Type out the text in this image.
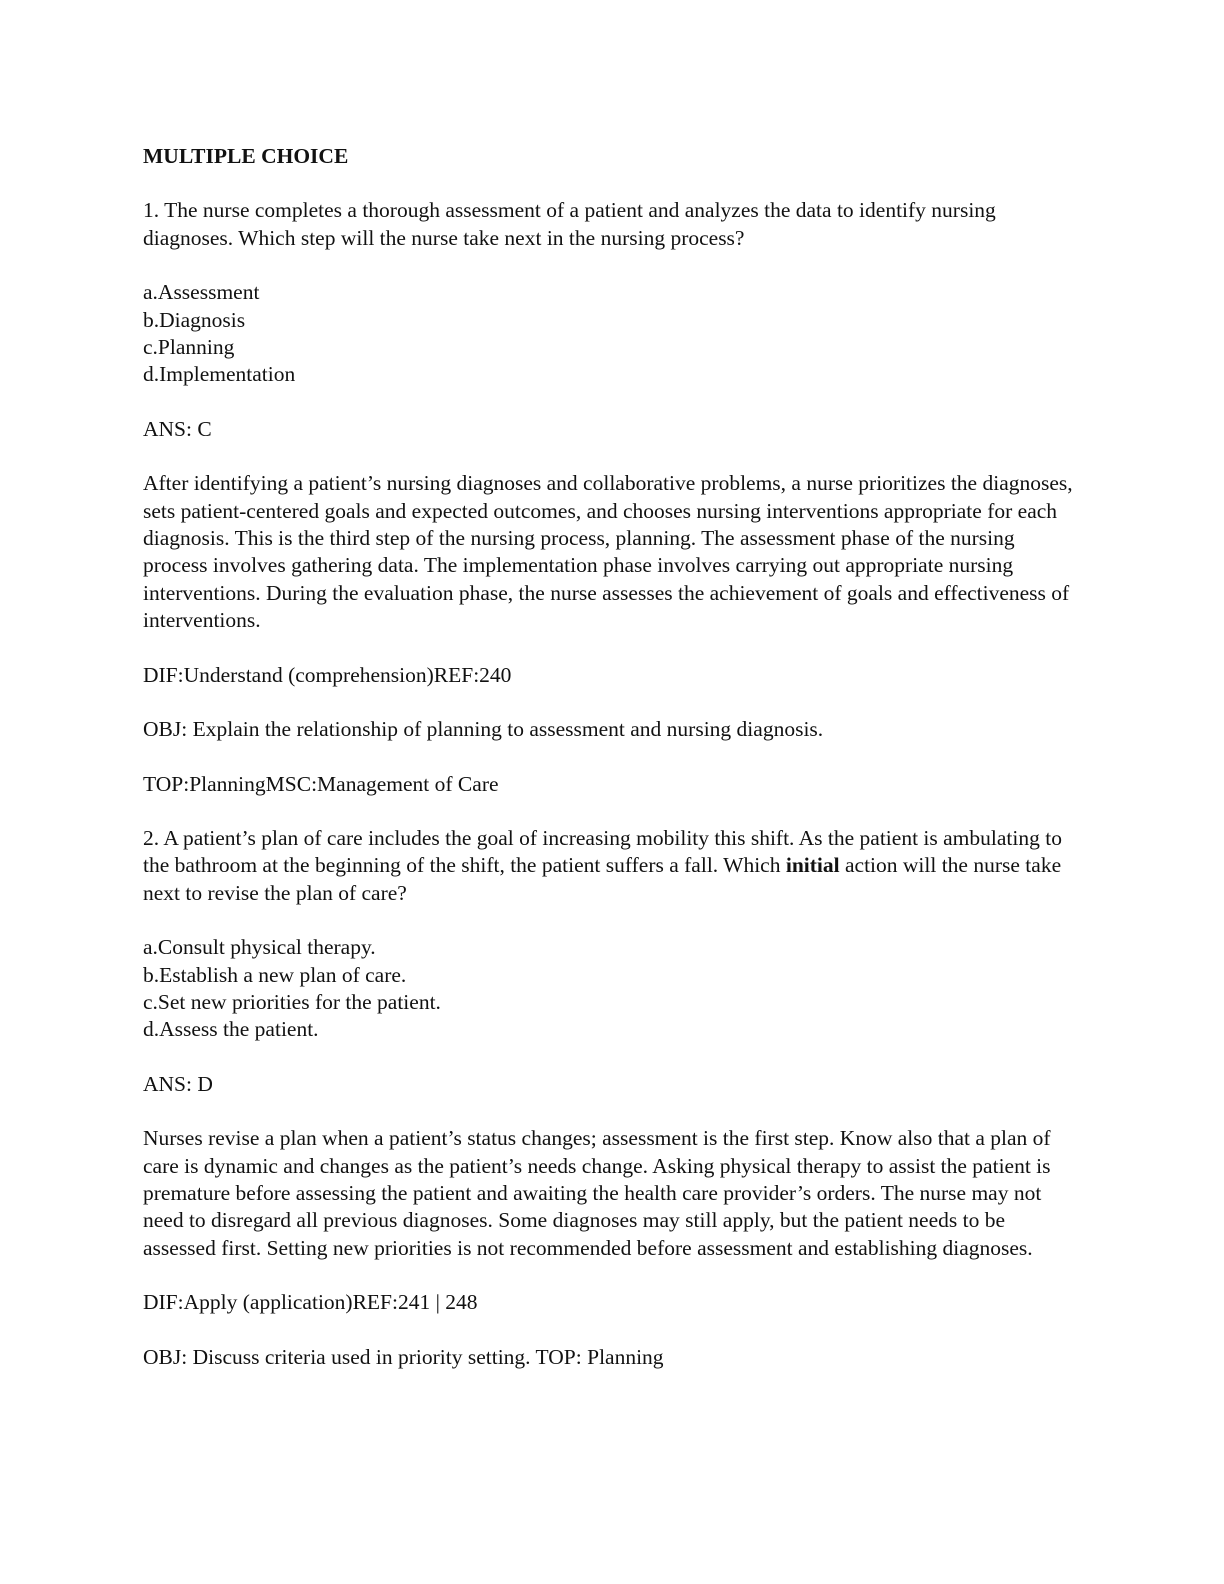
MULTIPLE CHOICE

1. The nurse completes a thorough assessment of a patient and analyzes the data to identify nursing diagnoses. Which step will the nurse take next in the nursing process?

a.Assessment
b.Diagnosis
c.Planning
d.Implementation

ANS: C

After identifying a patient’s nursing diagnoses and collaborative problems, a nurse prioritizes the diagnoses, sets patient-centered goals and expected outcomes, and chooses nursing interventions appropriate for each diagnosis. This is the third step of the nursing process, planning. The assessment phase of the nursing process involves gathering data. The implementation phase involves carrying out appropriate nursing interventions. During the evaluation phase, the nurse assesses the achievement of goals and effectiveness of interventions.

DIF:Understand (comprehension)REF:240

OBJ: Explain the relationship of planning to assessment and nursing diagnosis.

TOP:PlanningMSC:Management of Care

2. A patient’s plan of care includes the goal of increasing mobility this shift. As the patient is ambulating to the bathroom at the beginning of the shift, the patient suffers a fall. Which initial action will the nurse take next to revise the plan of care?

a.Consult physical therapy.
b.Establish a new plan of care.
c.Set new priorities for the patient.
d.Assess the patient.

ANS: D

Nurses revise a plan when a patient’s status changes; assessment is the first step. Know also that a plan of care is dynamic and changes as the patient’s needs change. Asking physical therapy to assist the patient is premature before assessing the patient and awaiting the health care provider’s orders. The nurse may not need to disregard all previous diagnoses. Some diagnoses may still apply, but the patient needs to be assessed first. Setting new priorities is not recommended before assessment and establishing diagnoses.

DIF:Apply (application)REF:241 | 248

OBJ: Discuss criteria used in priority setting. TOP: Planning
